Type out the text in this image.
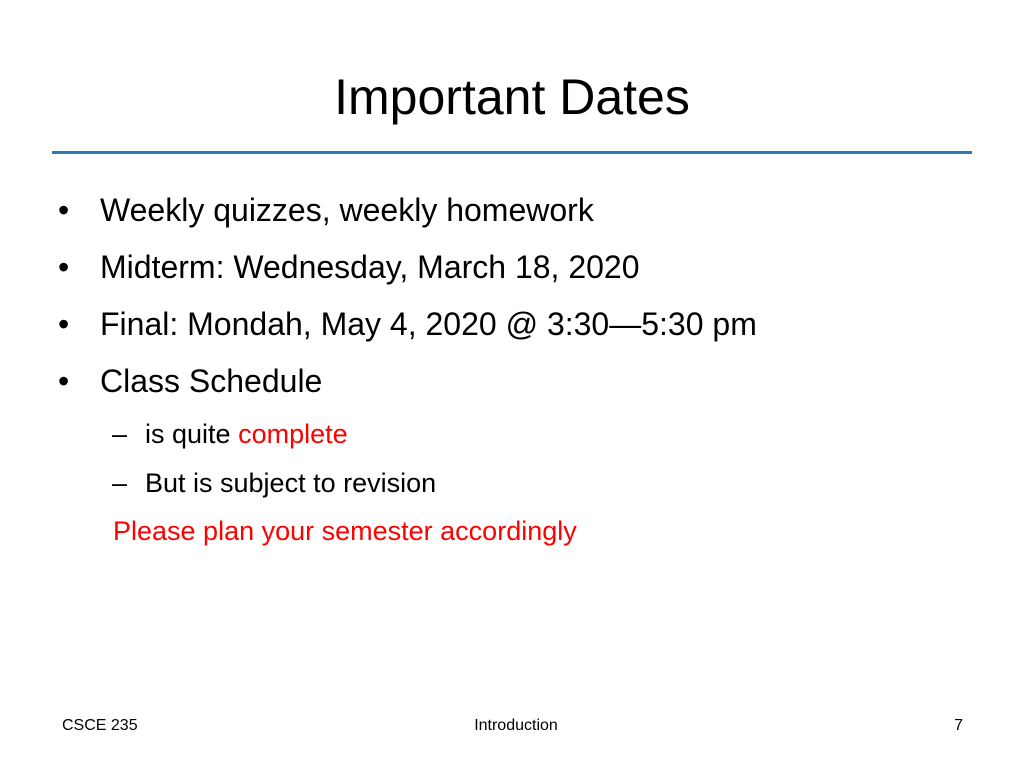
Important Dates
• Weekly quizzes, weekly homework
• Midterm: Wednesday, March 18, 2020
• Final: Mondah, May 4, 2020 @ 3:30—5:30 pm
• Class Schedule
– is quite complete
– But is subject to revision
Please plan your semester accordingly
CSCE 235	Introduction	7
